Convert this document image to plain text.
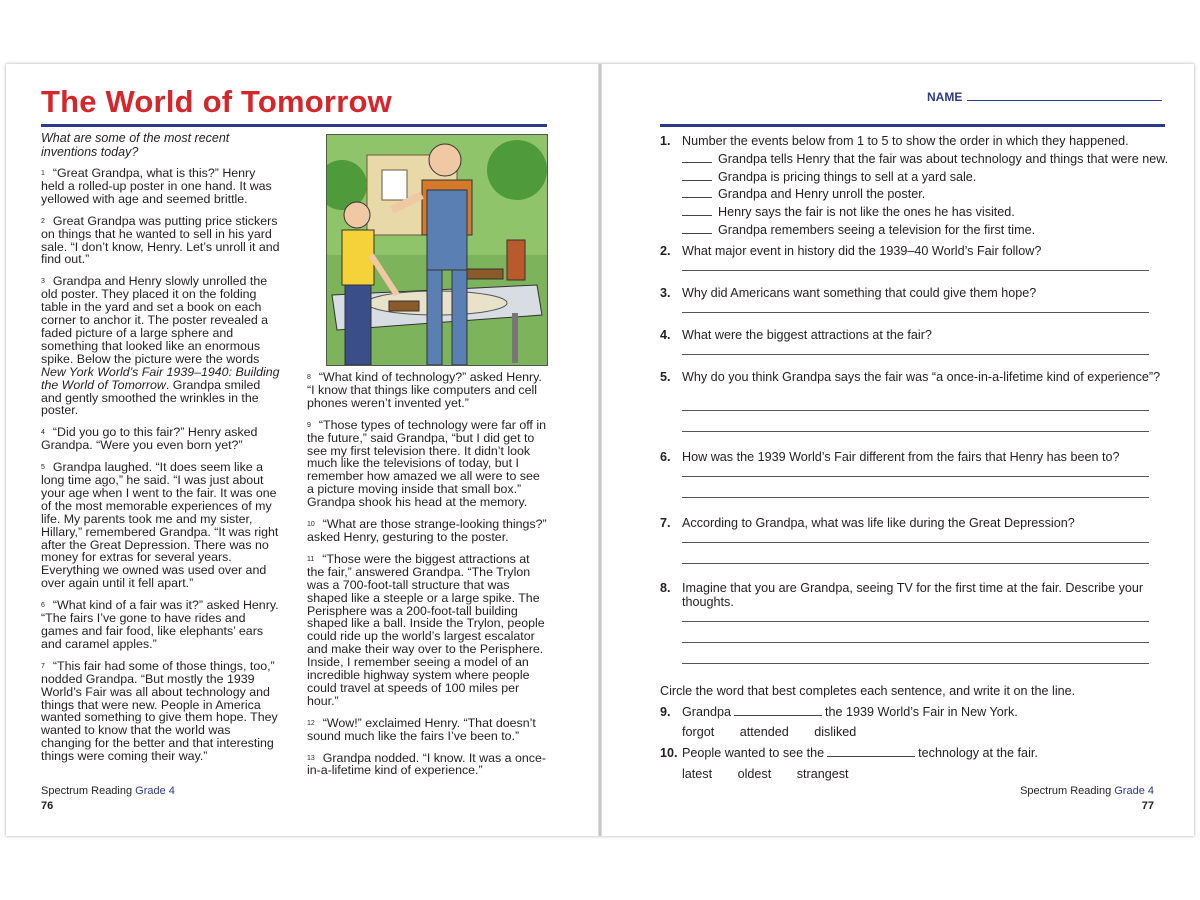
The World of Tomorrow

What are some of the most recent inventions today?

$^1$ “Great Grandpa, what is this?” Henry held a rolled-up poster in one hand. It was yellowed with age and seemed brittle.

$^2$ Great Grandpa was putting price stickers on things that he wanted to sell in his yard sale. “I don’t know, Henry. Let’s unroll it and find out.”

$^3$ Grandpa and Henry slowly unrolled the old poster. They placed it on the folding table in the yard and set a book on each corner to anchor it. The poster revealed a faded picture of a large sphere and something that looked like an enormous spike. Below the picture were the words New York World’s Fair 1939–1940: Building the World of Tomorrow. Grandpa smiled and gently smoothed the wrinkles in the poster.

$^4$ “Did you go to this fair?” Henry asked Grandpa. “Were you even born yet?”

$^5$ Grandpa laughed. “It does seem like a long time ago,” he said. “I was just about your age when I went to the fair. It was one of the most memorable experiences of my life. My parents took me and my sister, Hillary,” remembered Grandpa. “It was right after the Great Depression. There was no money for extras for several years. Everything we owned was used over and over again until it fell apart.”

$^6$ “What kind of a fair was it?” asked Henry. “The fairs I’ve gone to have rides and games and fair food, like elephants’ ears and caramel apples.”

$^7$ “This fair had some of those things, too,” nodded Grandpa. “But mostly the 1939 World’s Fair was all about technology and things that were new. People in America wanted something to give them hope. They wanted to know that the world was changing for the better and that interesting things were coming their way.”

$^8$ “What kind of technology?” asked Henry. “I know that things like computers and cell phones weren’t invented yet.”

$^9$ “Those types of technology were far off in the future,” said Grandpa, “but I did get to see my first television there. It didn’t look much like the televisions of today, but I remember how amazed we all were to see a picture moving inside that small box.” Grandpa shook his head at the memory.

$^{10}$ “What are those strange-looking things?” asked Henry, gesturing to the poster.

$^{11}$ “Those were the biggest attractions at the fair,” answered Grandpa. “The Trylon was a 700-foot-tall structure that was shaped like a steeple or a large spike. The Perisphere was a 200-foot-tall building shaped like a ball. Inside the Trylon, people could ride up the world’s largest escalator and make their way over to the Perisphere. Inside, I remember seeing a model of an incredible highway system where people could travel at speeds of 100 miles per hour.”

$^{12}$ “Wow!” exclaimed Henry. “That doesn’t sound much like the fairs I’ve been to.”

$^{13}$ Grandpa nodded. “I know. It was a once-in-a-lifetime kind of experience.”

Spectrum Reading Grade 4
76
NAME
1. Number the events below from 1 to 5 to show the order in which they happened.
Grandpa tells Henry that the fair was about technology and things that were new.
Grandpa is pricing things to sell at a yard sale.
Grandpa and Henry unroll the poster.
Henry says the fair is not like the ones he has visited.
Grandpa remembers seeing a television for the first time.
2. What major event in history did the 1939–40 World’s Fair follow?
3. Why did Americans want something that could give them hope?
4. What were the biggest attractions at the fair?
5. Why do you think Grandpa says the fair was “a once-in-a-lifetime kind of experience”?
6. How was the 1939 World’s Fair different from the fairs that Henry has been to?
7. According to Grandpa, what was life like during the Great Depression?
8. Imagine that you are Grandpa, seeing TV for the first time at the fair. Describe your thoughts.
Circle the word that best completes each sentence, and write it on the line.
9. Grandpa	the 1939 World’s Fair in New York.
forgot attended disliked
10. People wanted to see the	technology at the fair.
latest oldest strangest
Spectrum Reading Grade 4
77
